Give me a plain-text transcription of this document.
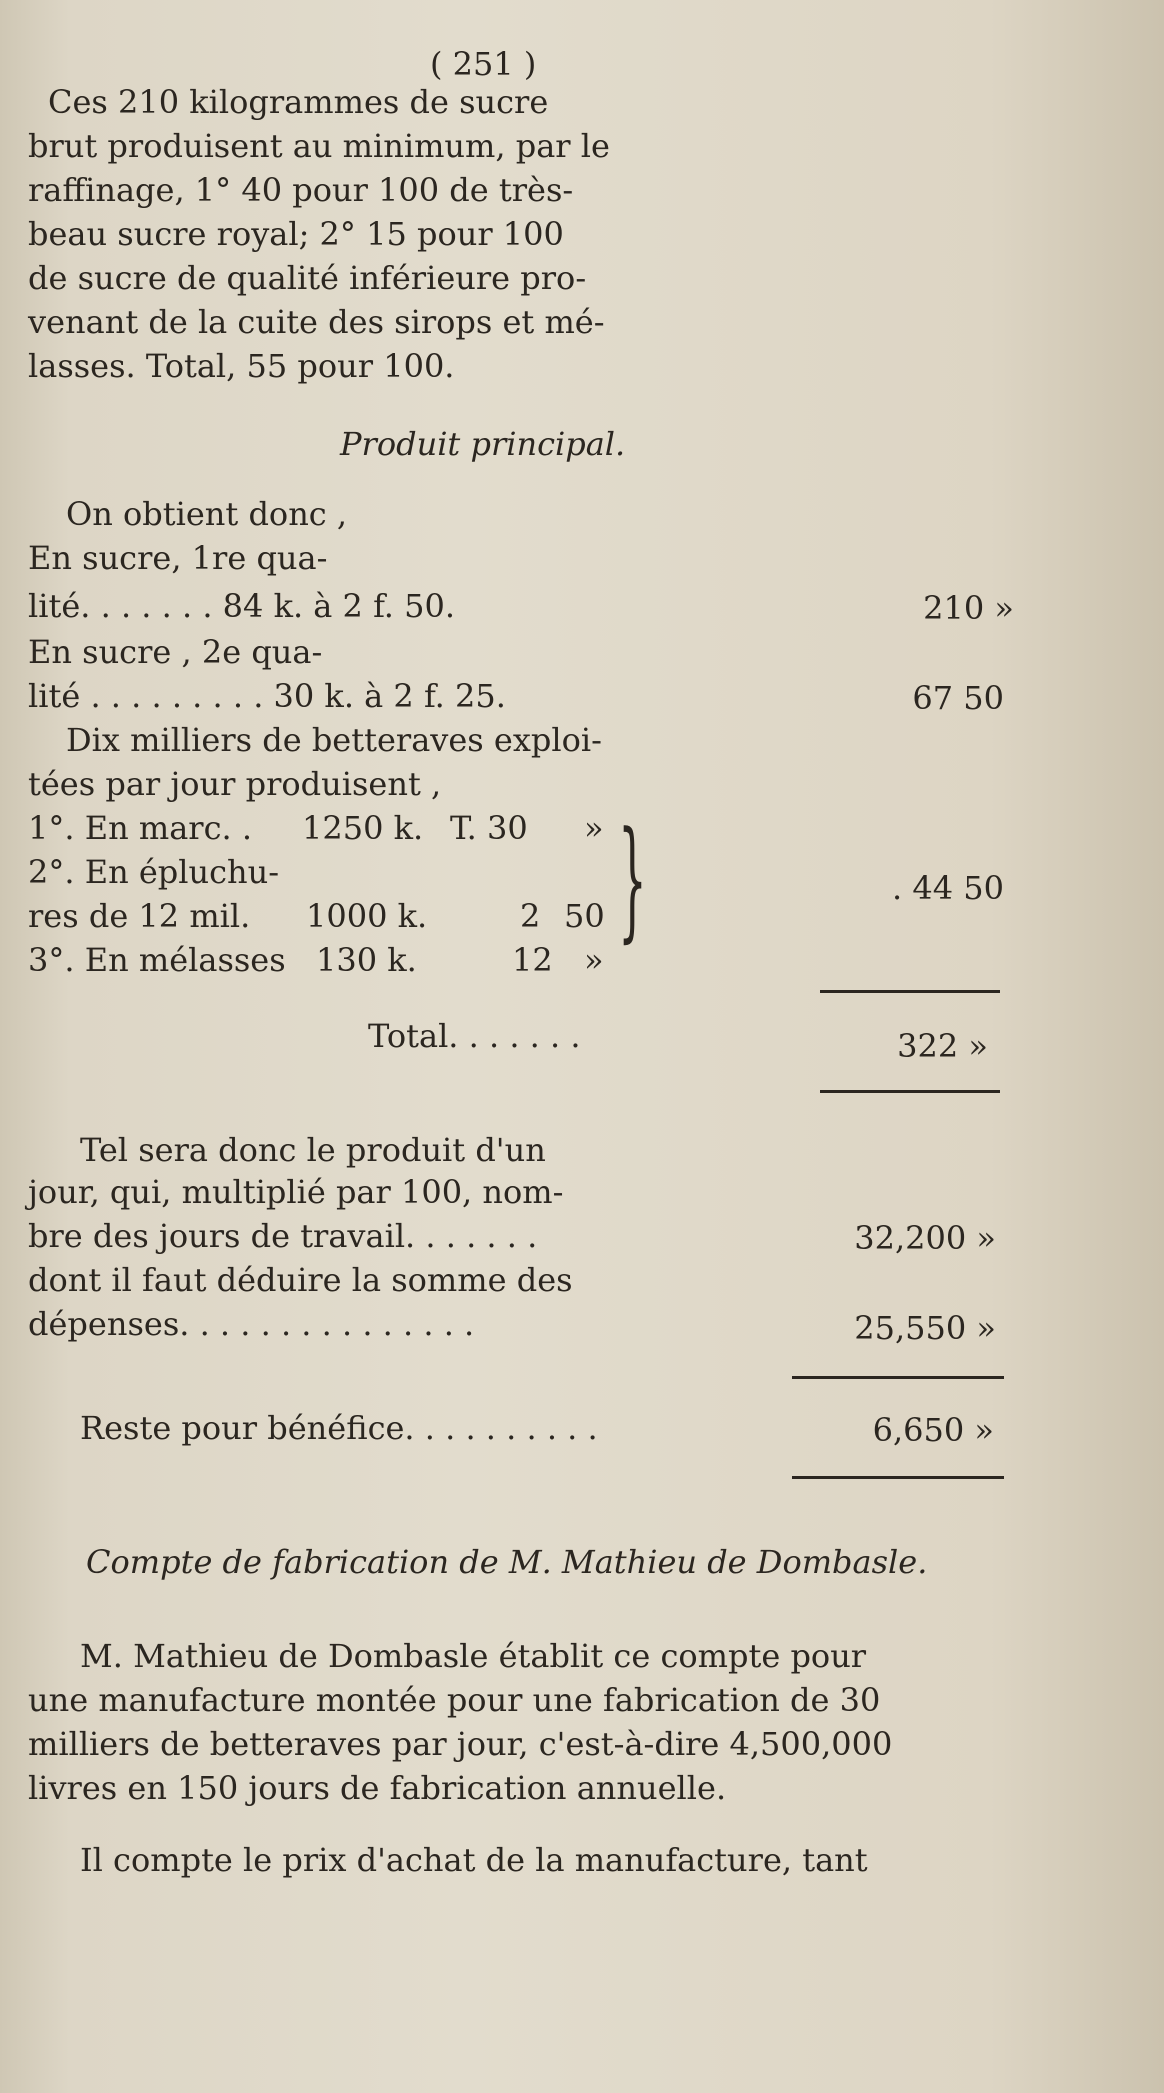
( 251 )
Ces 210 kilogrammes de sucre
brut produisent au minimum, par le
raffinage, 1° 40 pour 100 de très-
beau sucre royal; 2° 15 pour 100
de sucre de qualité inférieure pro-
venant de la cuite des sirops et mé-
lasses. Total, 55 pour 100.
Produit principal.
On obtient donc ,
En sucre, 1re qua-
lité. . . . . . . 84 k. à 2 f. 50.	210 »
En sucre , 2e qua-
lité . . . . . . . . . 30 k. à 2 f. 25.	67 50
Dix milliers de betteraves exploi-
tées par jour produisent ,
1°. En marc. . 1250 k. T. 30 »
2°. En épluchu-
res de 12 mil. 1000 k.	2 50
3°. En mélasses 130 k.	12 »
}	. 44 50
Total. . . . . . .	322 »
Tel sera donc le produit d'un
jour, qui, multiplié par 100, nom-
bre des jours de travail. . . . . . .	32,200 »
dont il faut déduire la somme des
dépenses. . . . . . . . . . . . . . .	25,550 »
Reste pour bénéfice. . . . . . . . . .	6,650 »
Compte de fabrication de M. Mathieu de Dombasle.
M. Mathieu de Dombasle établit ce compte pour
une manufacture montée pour une fabrication de 30
milliers de betteraves par jour, c'est-à-dire 4,500,000
livres en 150 jours de fabrication annuelle.
Il compte le prix d'achat de la manufacture, tant
